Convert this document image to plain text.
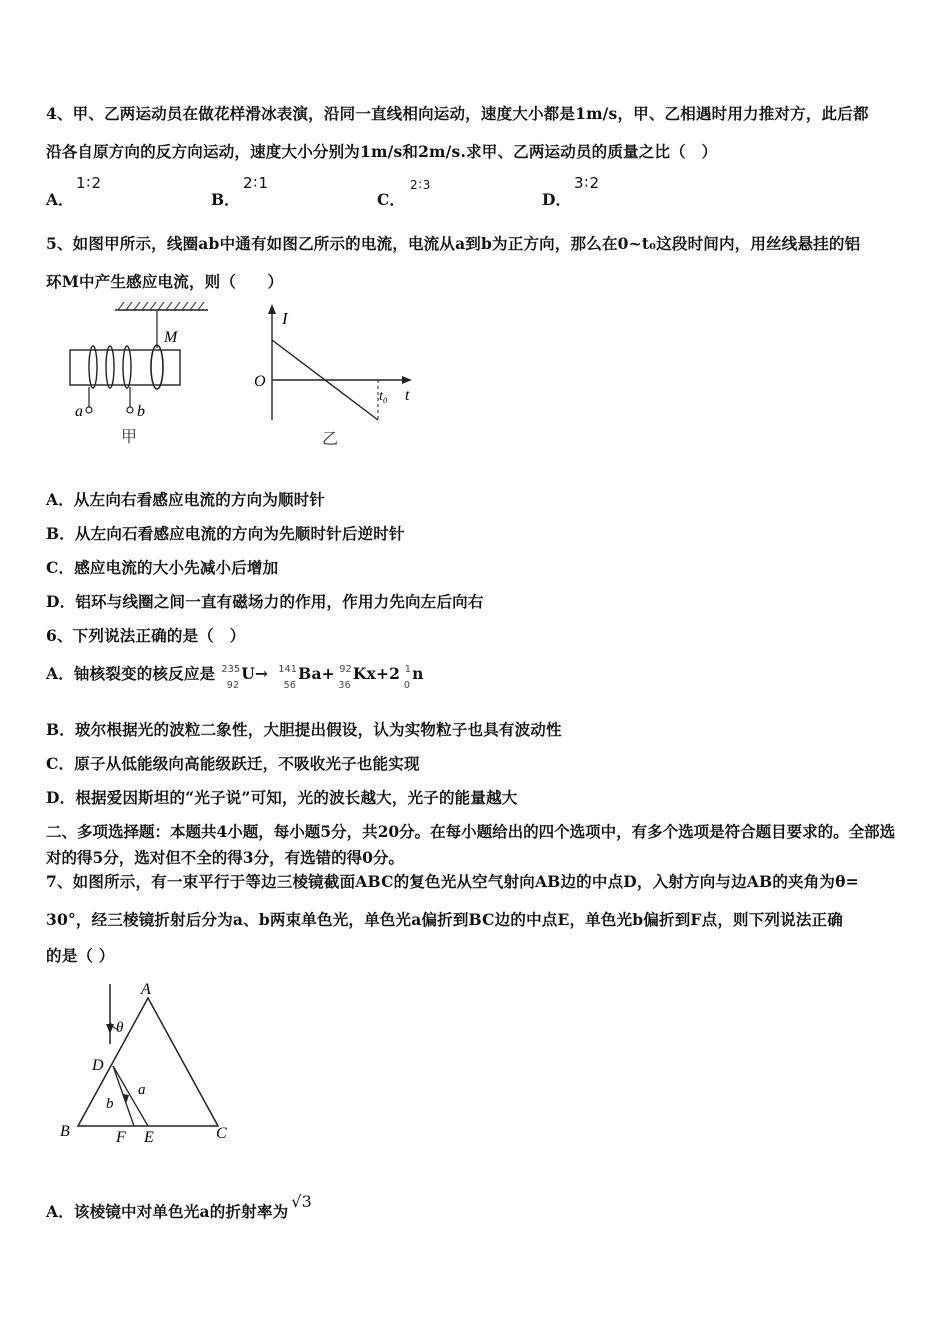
4、甲、乙两运动员在做花样滑冰表演，沿同一直线相向运动，速度大小都是1m/s，甲、乙相遇时用力推对方，此后都
沿各自原方向的反方向运动，速度大小分别为1m/s和2m/s.求甲、乙两运动员的质量之比（　）
A．
1∶2
B．
2∶1
C．
2∶3
D．
3∶2
5、如图甲所示，线圈ab中通有如图乙所示的电流，电流从a到b为正方向，那么在0~t₀这段时间内，用丝线悬挂的铝
环M中产生感应电流，则（　　）
M
a	b
甲
I
O
t₀ t
乙
A．从左向右看感应电流的方向为顺时针
B．从左向石看感应电流的方向为先顺时针后逆时针
C．感应电流的大小先减小后增加
D．铝环与线圈之间一直有磁场力的作用，作用力先向左后向右
6、下列说法正确的是（　）
A．铀核裂变的核反应是 235
92
U→ 141
56
Ba+ 92
36
Kx+2 1
0
n
B．玻尔根据光的波粒二象性，大胆提出假设，认为实物粒子也具有波动性
C．原子从低能级向高能级跃迁，不吸收光子也能实现
D．根据爱因斯坦的“光子说”可知，光的波长越大，光子的能量越大
二、多项选择题：本题共4小题，每小题5分，共20分。在每小题给出的四个选项中，有多个选项是符合题目要求的。全部选对的得5分，选对但不全的得3分，有选错的得0分。
7、如图所示，有一束平行于等边三棱镜截面ABC的复色光从空气射向AB边的中点D，入射方向与边AB的夹角为θ=
30°，经三棱镜折射后分为a、b两束单色光，单色光a偏折到BC边的中点E，单色光b偏折到F点，则下列说法正确
的是（ ）
A
D
θ
a
b
B	F E	C
A．该棱镜中对单色光a的折射率为√3
